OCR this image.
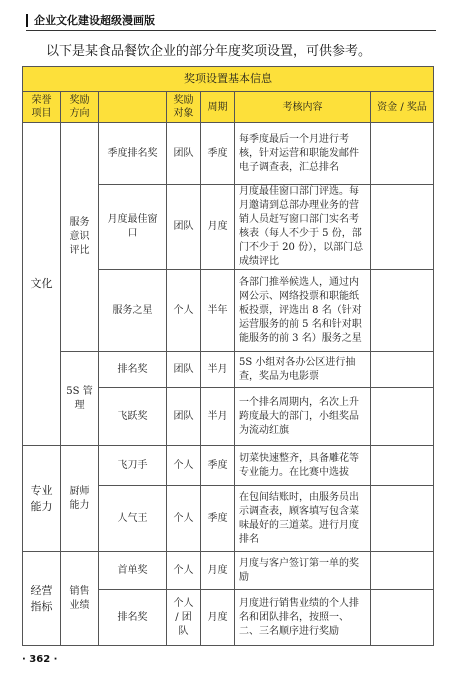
企业文化建设超级漫画版
以下是某食品餐饮企业的部分年度奖项设置，可供参考。
奖项设置基本信息						
荣誉项目	奖励方向		奖励对象	周期	考核内容	资金 / 奖品
文化	服务意识评比	季度排名奖	团队	季度	每季度最后一个月进行考核，针对运营和职能发邮件电子调查表，汇总排名	
		月度最佳窗口	团队	月度	月度最佳窗口部门评选。每月邀请到总部办理业务的营销人员赶写窗口部门实名考核表（每人不少于 5 份，部门不少于 20 份），以部门总成绩评比	
		服务之星	个人	半年	各部门推举候选人，通过内网公示、网络投票和职能纸板投票，评选出 8 名（针对运营服务的前 5 名和针对职能服务的前 3 名）服务之星	
	5S 管理	排名奖	团队	半月	5S 小组对各办公区进行抽查，奖品为电影票	
		飞跃奖	团队	半月	一个排名周期内，名次上升跨度最大的部门，小组奖品为流动红旗	
专业能力	厨师能力	飞刀手	个人	季度	切菜快速整齐，具备雕花等专业能力。在比赛中选拔	
		人气王	个人	季度	在包间结账时，由服务员出示调查表，顾客填写包含菜味最好的三道菜。进行月度排名	
经营指标	销售业绩	首单奖	个人	月度	月度与客户签订第一单的奖励	
		排名奖	个人 / 团队	月度	月度进行销售业绩的个人排名和团队排名，按照一、二、三名顺序进行奖励	
· 362 ·
